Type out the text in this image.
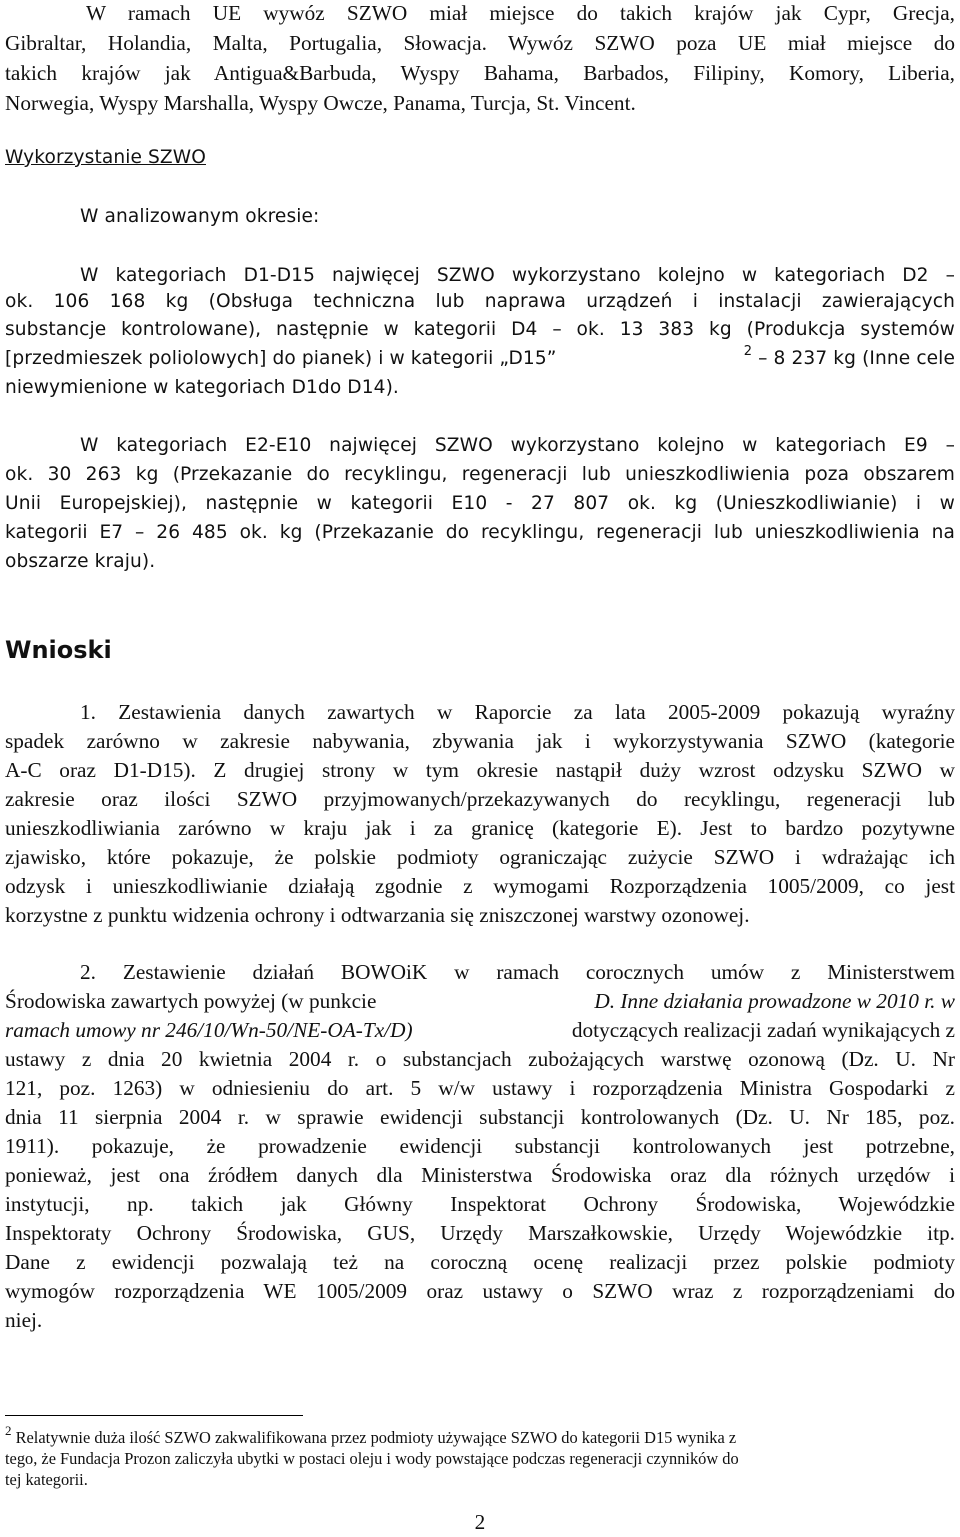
W ramach UE wywóz SZWO miał miejsce do takich krajów jak Cypr, Grecja,
Gibraltar, Holandia, Malta, Portugalia, Słowacja. Wywóz SZWO poza UE miał miejsce do
takich krajów jak Antigua&Barbuda, Wyspy Bahama, Barbados, Filipiny, Komory, Liberia,
Norwegia, Wyspy Marshalla, Wyspy Owcze, Panama, Turcja, St. Vincent.
Wykorzystanie SZWO
W analizowanym okresie:
W kategoriach D1-D15 najwięcej SZWO wykorzystano kolejno w kategoriach D2 –
ok. 106 168 kg (Obsługa techniczna lub naprawa urządzeń i instalacji zawierających
substancje kontrolowane), następnie w kategorii D4 – ok. 13 383 kg (Produkcja systemów
[przedmieszek poliolowych] do pianek) i w kategorii „D15”	$^2$ – 8 237 kg (Inne cele
niewymienione w kategoriach D1do D14).
W kategoriach E2-E10 najwięcej SZWO wykorzystano kolejno w kategoriach E9 –
ok. 30 263 kg (Przekazanie do recyklingu, regeneracji lub unieszkodliwienia poza obszarem
Unii Europejskiej), następnie w kategorii E10 - 27 807 ok. kg (Unieszkodliwianie) i w
kategorii E7 – 26 485 ok. kg (Przekazanie do recyklingu, regeneracji lub unieszkodliwienia na
obszarze kraju).
Wnioski
1. Zestawienia danych zawartych w Raporcie za lata 2005-2009 pokazują wyraźny
spadek zarówno w zakresie nabywania, zbywania jak i wykorzystywania SZWO (kategorie
A-C oraz D1-D15). Z drugiej strony w tym okresie nastąpił duży wzrost odzysku SZWO w
zakresie oraz ilości SZWO przyjmowanych/przekazywanych do recyklingu, regeneracji lub
unieszkodliwiania zarówno w kraju jak i za granicę (kategorie E). Jest to bardzo pozytywne
zjawisko, które pokazuje, że polskie podmioty ograniczając zużycie SZWO i wdrażając ich
odzysk i unieszkodliwianie działają zgodnie z wymogami Rozporządzenia 1005/2009, co jest
korzystne z punktu widzenia ochrony i odtwarzania się zniszczonej warstwy ozonowej.
2. Zestawienie działań BOWOiK w ramach corocznych umów z Ministerstwem
Środowiska zawartych powyżej (w punkcie	D. Inne działania prowadzone w 2010 r. w
ramach umowy nr 246/10/Wn-50/NE-OA-Tx/D)	dotyczących realizacji zadań wynikających z
ustawy z dnia 20 kwietnia 2004 r. o substancjach zubożających warstwę ozonową (Dz. U. Nr
121, poz. 1263) w odniesieniu do art. 5 w/w ustawy i rozporządzenia Ministra Gospodarki z
dnia 11 sierpnia 2004 r. w sprawie ewidencji substancji kontrolowanych (Dz. U. Nr 185, poz.
1911). pokazuje, że prowadzenie ewidencji substancji kontrolowanych jest potrzebne,
ponieważ, jest ona źródłem danych dla Ministerstwa Środowiska oraz dla różnych urzędów i
instytucji, np. takich jak Główny Inspektorat Ochrony Środowiska, Wojewódzkie
Inspektoraty Ochrony Środowiska, GUS, Urzędy Marszałkowskie, Urzędy Wojewódzkie itp.
Dane z ewidencji pozwalają też na coroczną ocenę realizacji przez polskie podmioty
wymogów rozporządzenia WE 1005/2009 oraz ustawy o SZWO wraz z rozporządzeniami do
niej.
$^2$ Relatywnie duża ilość SZWO zakwalifikowana przez podmioty używające SZWO do kategorii D15 wynika z
tego, że Fundacja Prozon zaliczyła ubytki w postaci oleju i wody powstające podczas regeneracji czynników do
tej kategorii.
2
